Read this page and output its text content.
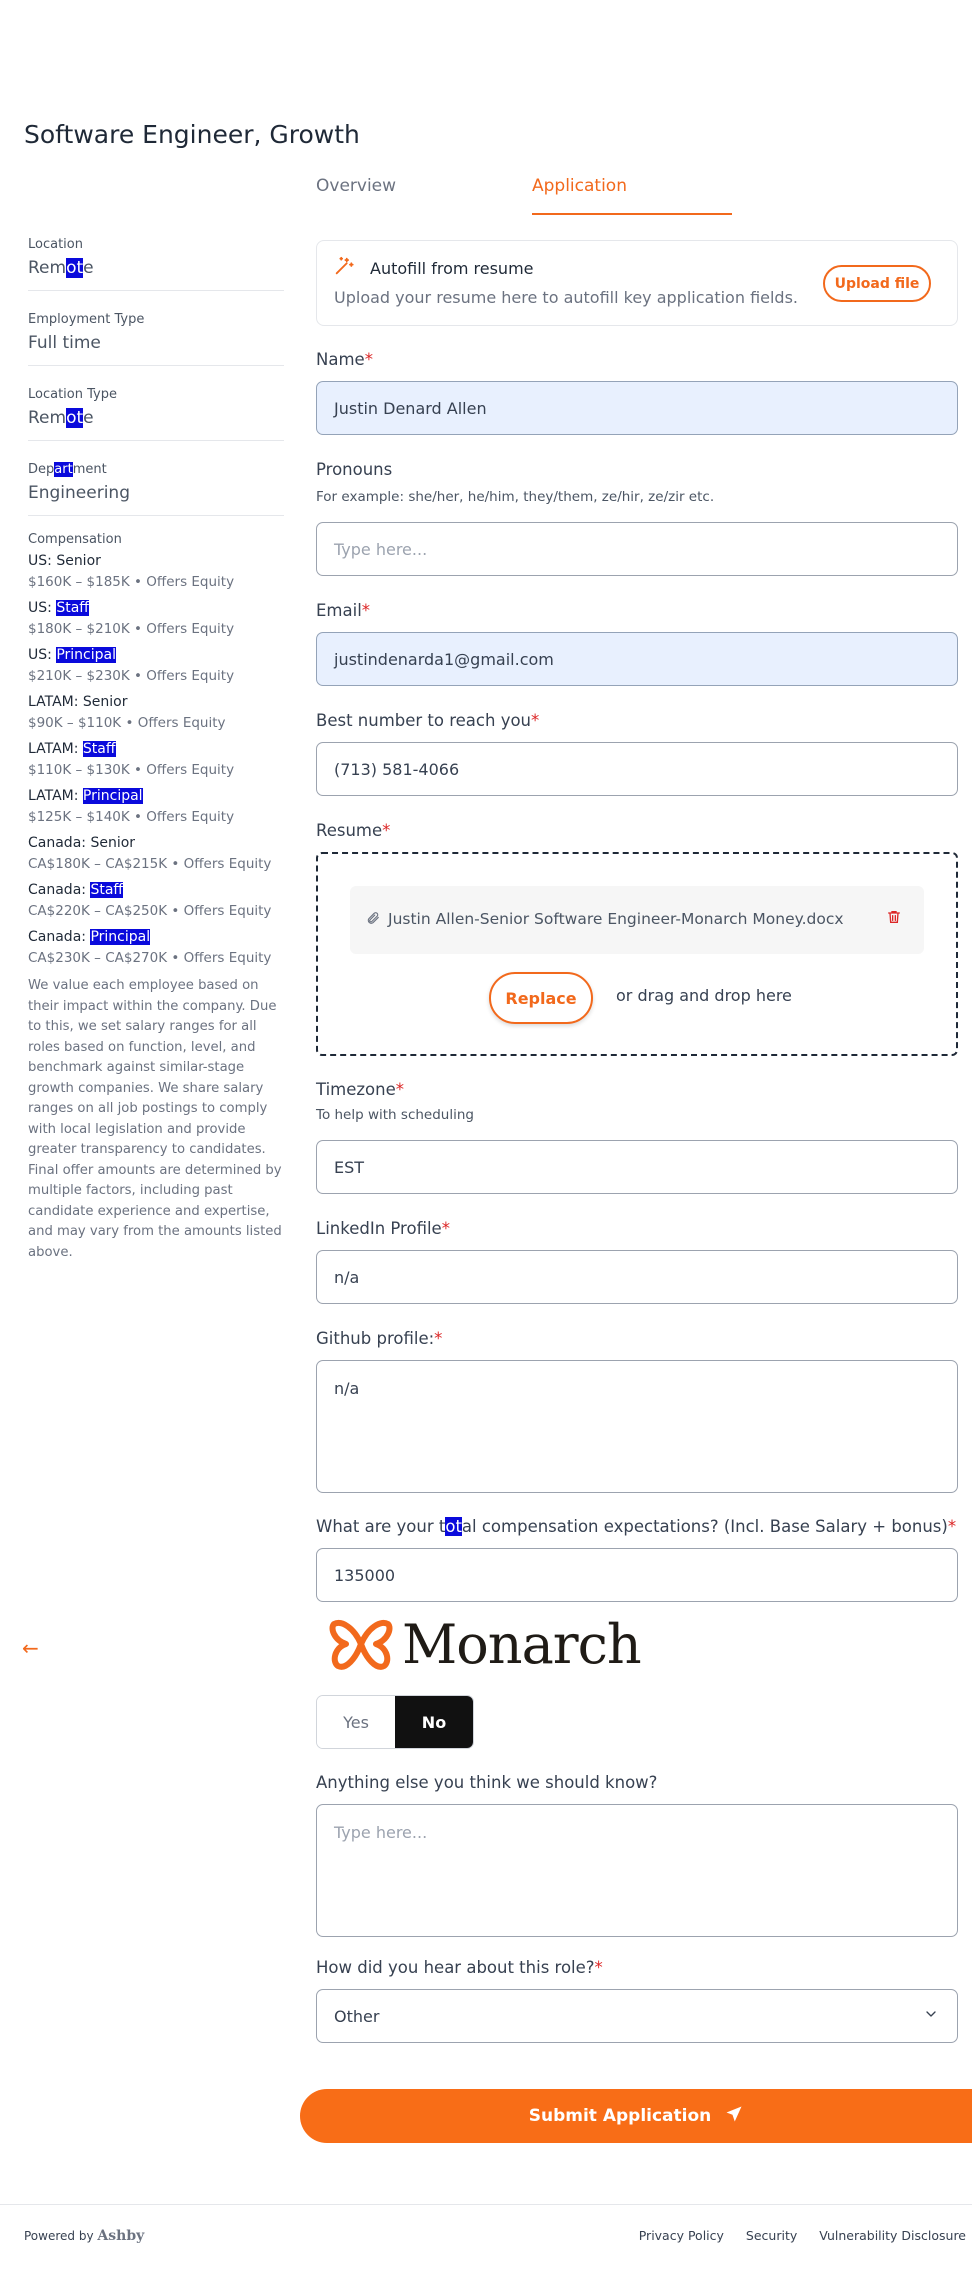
Software Engineer, Growth
Overview	Application
Location
Remote
Employment Type
Full time
Location Type
Remote
Department
Engineering
Compensation
US: Senior
$160K – $185K • Offers Equity
US: Staff
$180K – $210K • Offers Equity
US: Principal
$210K – $230K • Offers Equity
LATAM: Senior
$90K – $110K • Offers Equity
LATAM: Staff
$110K – $130K • Offers Equity
LATAM: Principal
$125K – $140K • Offers Equity
Canada: Senior
CA$180K – CA$215K • Offers Equity
Canada: Staff
CA$220K – CA$250K • Offers Equity
Canada: Principal
CA$230K – CA$270K • Offers Equity
We value each employee based on their impact within the company. Due to this, we set salary ranges for all roles based on function, level, and benchmark against similar-stage growth companies. We share salary ranges on all job postings to comply with local legislation and provide greater transparency to candidates. Final offer amounts are determined by multiple factors, including past candidate experience and expertise, and may vary from the amounts listed above.
←
Autofill from resume
Upload your resume here to autofill key application fields.
Upload file
Name*
Justin Denard Allen
Pronouns
For example: she/her, he/him, they/them, ze/hir, ze/zir etc.
Type here...
Email*
justindenarda1@gmail.com
Best number to reach you*
(713) 581-4066
Resume*
Justin Allen-Senior Software Engineer-Monarch Money.docx
Replace	or drag and drop here
Timezone*
To help with scheduling
EST
LinkedIn Profile*
n/a
Github profile:*
n/a
What are your total compensation expectations? (Incl. Base Salary + bonus)*
135000
Monarch
Yes	No
Anything else you think we should know?
Type here...
How did you hear about this role?*
Other
Submit Application
Powered by Ashby	Privacy Policy Security Vulnerability Disclosure
